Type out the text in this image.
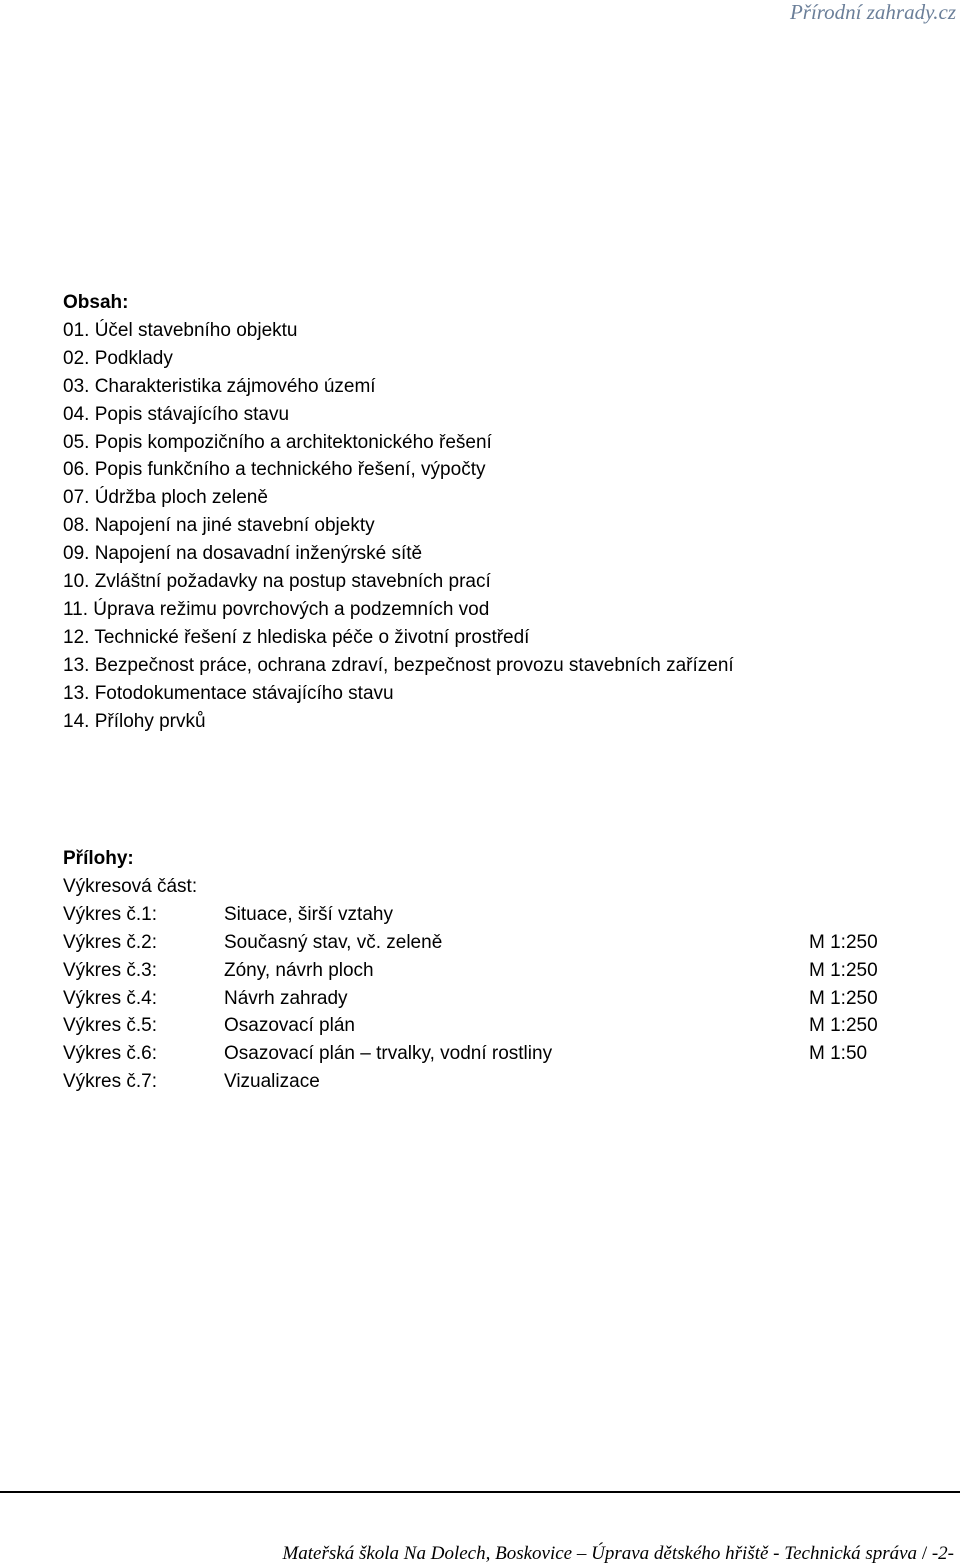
Přírodní zahrady.cz
Obsah:
01. Účel stavebního objektu
02. Podklady
03. Charakteristika zájmového území
04. Popis stávajícího stavu
05. Popis kompozičního a architektonického řešení
06. Popis funkčního a technického řešení, výpočty
07. Údržba ploch zeleně
08. Napojení na jiné stavební objekty
09. Napojení na dosavadní inženýrské sítě
10. Zvláštní požadavky na postup stavebních prací
11. Úprava režimu povrchových a podzemních vod
12. Technické řešení z hlediska péče o životní prostředí
13. Bezpečnost práce, ochrana zdraví, bezpečnost provozu stavebních zařízení
13. Fotodokumentace stávajícího stavu
14. Přílohy prvků
Přílohy:
Výkresová část:
Výkres č.1:	Situace, širší vztahy
Výkres č.2:	Současný stav, vč. zeleně	M 1:250
Výkres č.3:	Zóny, návrh ploch	M 1:250
Výkres č.4:	Návrh zahrady	M 1:250
Výkres č.5:	Osazovací plán	M 1:250
Výkres č.6:	Osazovací plán – trvalky, vodní rostliny	M 1:50
Výkres č.7:	Vizualizace
Mateřská škola Na Dolech, Boskovice – Úprava dětského hřiště - Technická správa / -2-
